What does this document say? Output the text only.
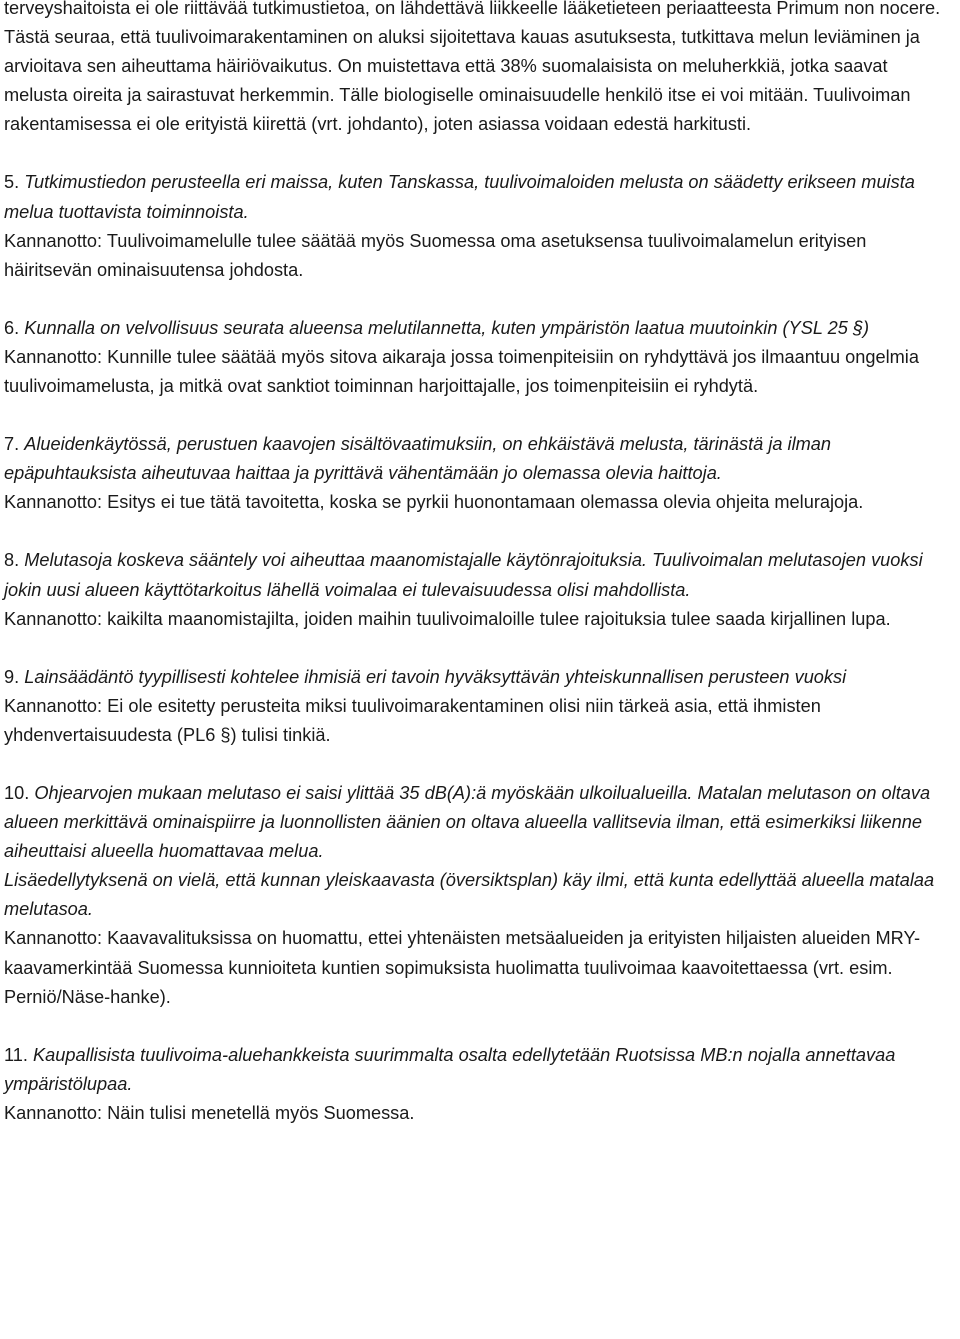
terveyshaitoista ei ole riittävää tutkimustietoa, on lähdettävä liikkeelle lääketieteen periaatteesta Primum non nocere. Tästä seuraa, että tuulivoimarakentaminen on aluksi sijoitettava kauas asutuksesta, tutkittava melun leviäminen ja arvioitava sen aiheuttama häiriövaikutus. On muistettava että 38% suomalaisista on meluherkkiä, jotka saavat melusta oireita ja sairastuvat herkemmin. Tälle biologiselle ominaisuudelle henkilö itse ei voi mitään. Tuulivoiman rakentamisessa ei ole erityistä kiirettä (vrt. johdanto), joten asiassa voidaan edestä harkitusti.

5. Tutkimustiedon perusteella eri maissa, kuten Tanskassa, tuulivoimaloiden melusta on säädetty erikseen muista melua tuottavista toiminnoista.

Kannanotto: Tuulivoimamelulle tulee säätää myös Suomessa oma asetuksensa tuulivoimalamelun erityisen häiritsevän ominaisuutensa johdosta.

6. Kunnalla on velvollisuus seurata alueensa melutilannetta, kuten ympäristön laatua muutoinkin (YSL 25 §)

Kannanotto: Kunnille tulee säätää myös sitova aikaraja jossa toimenpiteisiin on ryhdyttävä jos ilmaantuu ongelmia tuulivoimamelusta, ja mitkä ovat sanktiot toiminnan harjoittajalle, jos toimenpiteisiin ei ryhdytä.

7. Alueidenkäytössä, perustuen kaavojen sisältövaatimuksiin, on ehkäistävä melusta, tärinästä ja ilman epäpuhtauksista aiheutuvaa haittaa ja pyrittävä vähentämään jo olemassa olevia haittoja.

Kannanotto: Esitys ei tue tätä tavoitetta, koska se pyrkii huonontamaan olemassa olevia ohjeita melurajoja.

8. Melutasoja koskeva sääntely voi aiheuttaa maanomistajalle käytönrajoituksia. Tuulivoimalan melutasojen vuoksi jokin uusi alueen käyttötarkoitus lähellä voimalaa ei tulevaisuudessa olisi mahdollista.

Kannanotto: kaikilta maanomistajilta, joiden maihin tuulivoimaloille tulee rajoituksia tulee saada kirjallinen lupa.

9. Lainsäädäntö tyypillisesti kohtelee ihmisiä eri tavoin hyväksyttävän yhteiskunnallisen perusteen vuoksi

Kannanotto: Ei ole esitetty perusteita miksi tuulivoimarakentaminen olisi niin tärkeä asia, että ihmisten yhdenvertaisuudesta (PL6 §) tulisi tinkiä.

10. Ohjearvojen mukaan melutaso ei saisi ylittää 35 dB(A):ä myöskään ulkoilualueilla. Matalan melutason on oltava alueen merkittävä ominaispiirre ja luonnollisten äänien on oltava alueella vallitsevia ilman, että esimerkiksi liikenne aiheuttaisi alueella huomattavaa melua.

Lisäedellytyksenä on vielä, että kunnan yleiskaavasta (översiktsplan) käy ilmi, että kunta edellyttää alueella matalaa melutasoa.

Kannanotto: Kaavavalituksissa on huomattu, ettei yhtenäisten metsäalueiden ja erityisten hiljaisten alueiden MRY-kaavamerkintää Suomessa kunnioiteta kuntien sopimuksista huolimatta tuulivoimaa kaavoitettaessa (vrt. esim. Perniö/Näse-hanke).

11. Kaupallisista tuulivoima-aluehankkeista suurimmalta osalta edellytetään Ruotsissa MB:n nojalla annettavaa ympäristölupaa.

Kannanotto: Näin tulisi menetellä myös Suomessa.
